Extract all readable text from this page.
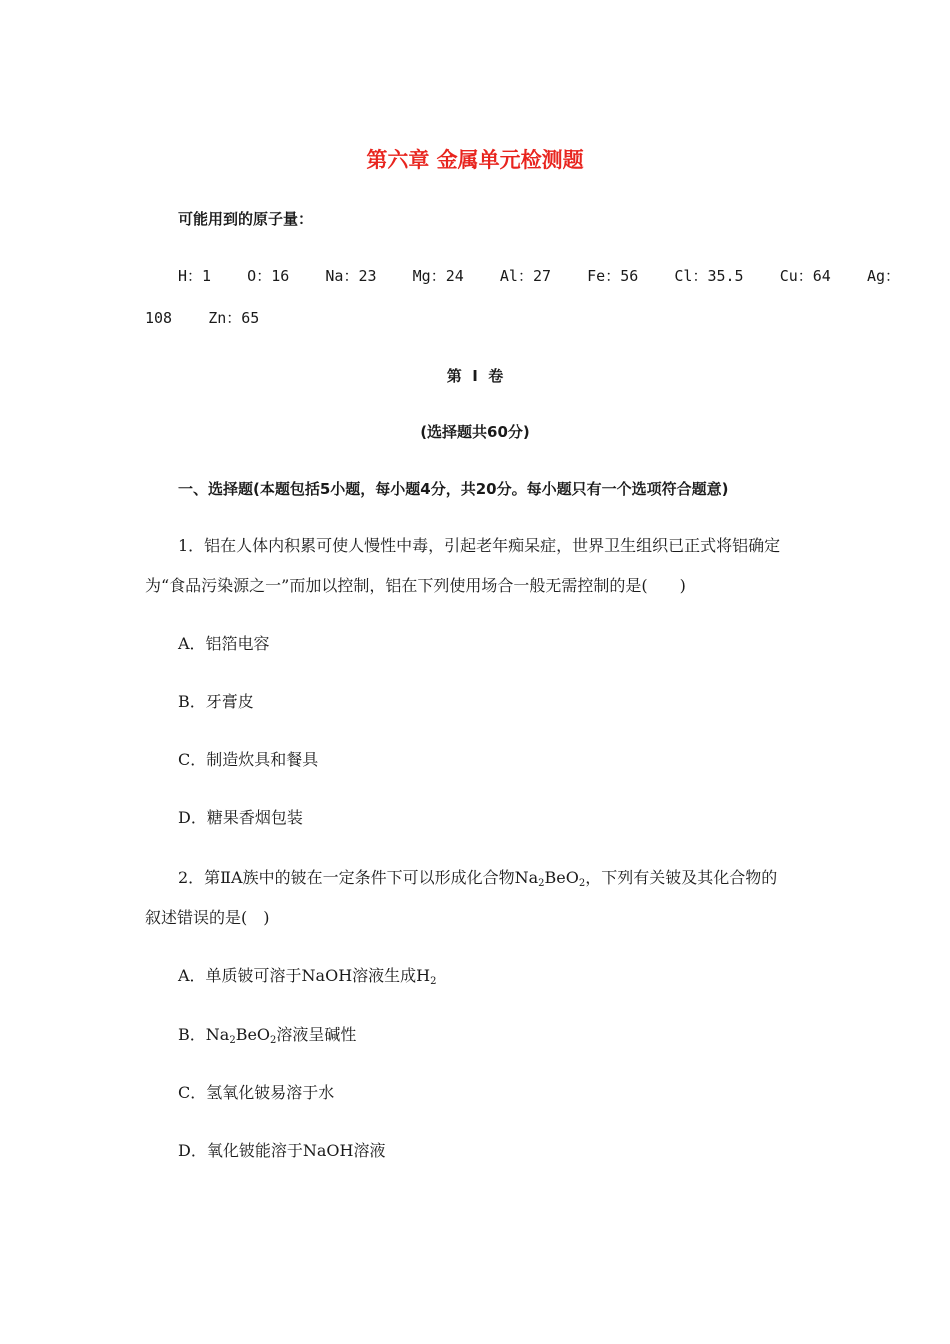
第六章 金属单元检测题
可能用到的原子量：
H：1    O：16    Na：23    Mg：24    Al：27    Fe：56    Cl：35.5    Cu：64    Ag：
108    Zn：65
第  I  卷
(选择题共60分)
一、选择题(本题包括5小题，每小题4分，共20分。每小题只有一个选项符合题意)
1．铝在人体内积累可使人慢性中毒，引起老年痴呆症，世界卫生组织已正式将铝确定
为“食品污染源之一”而加以控制，铝在下列使用场合一般无需控制的是(　　)
A．铝箔电容
B．牙膏皮
C．制造炊具和餐具
D．糖果香烟包装
2．第ⅡA族中的铍在一定条件下可以形成化合物$Na_2BeO_2$，下列有关铍及其化合物的
叙述错误的是(　)
A．单质铍可溶于NaOH溶液生成$H_2$
B．$Na_2BeO_2$溶液呈碱性
C．氢氧化铍易溶于水
D．氧化铍能溶于NaOH溶液
